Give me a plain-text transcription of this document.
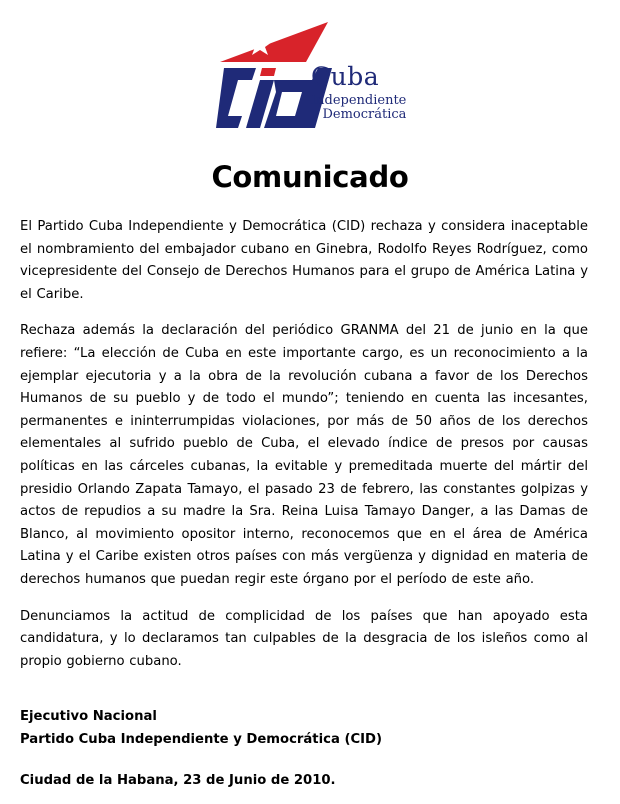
Cuba
Independiente
y Democrática
Comunicado

El Partido Cuba Independiente y Democrática (CID) rechaza y considera inaceptable el nombramiento del embajador cubano en Ginebra, Rodolfo Reyes Rodríguez, como vicepresidente del Consejo de Derechos Humanos para el grupo de América Latina y el Caribe.

Rechaza además la declaración del periódico GRANMA del 21 de junio en la que refiere: “La elección de Cuba en este importante cargo, es un reconocimiento a la ejemplar ejecutoria y a la obra de la revolución cubana a favor de los Derechos Humanos de su pueblo y de todo el mundo”; teniendo en cuenta las incesantes, permanentes e ininterrumpidas violaciones, por más de 50 años de los derechos elementales al sufrido pueblo de Cuba, el elevado índice de presos por causas políticas en las cárceles cubanas, la evitable y premeditada muerte del mártir del presidio Orlando Zapata Tamayo, el pasado 23 de febrero, las constantes golpizas y actos de repudios a su madre la Sra. Reina Luisa Tamayo Danger, a las Damas de Blanco, al movimiento opositor interno, reconocemos que en el área de América Latina y el Caribe existen otros países con más vergüenza y dignidad en materia de derechos humanos que puedan regir este órgano por el período de este año.

Denunciamos la actitud de complicidad de los países que han apoyado esta candidatura, y lo declaramos tan culpables de la desgracia de los isleños como al propio gobierno cubano.

Ejecutivo Nacional
Partido Cuba Independiente y Democrática (CID)
Ciudad de la Habana, 23 de Junio de 2010.
